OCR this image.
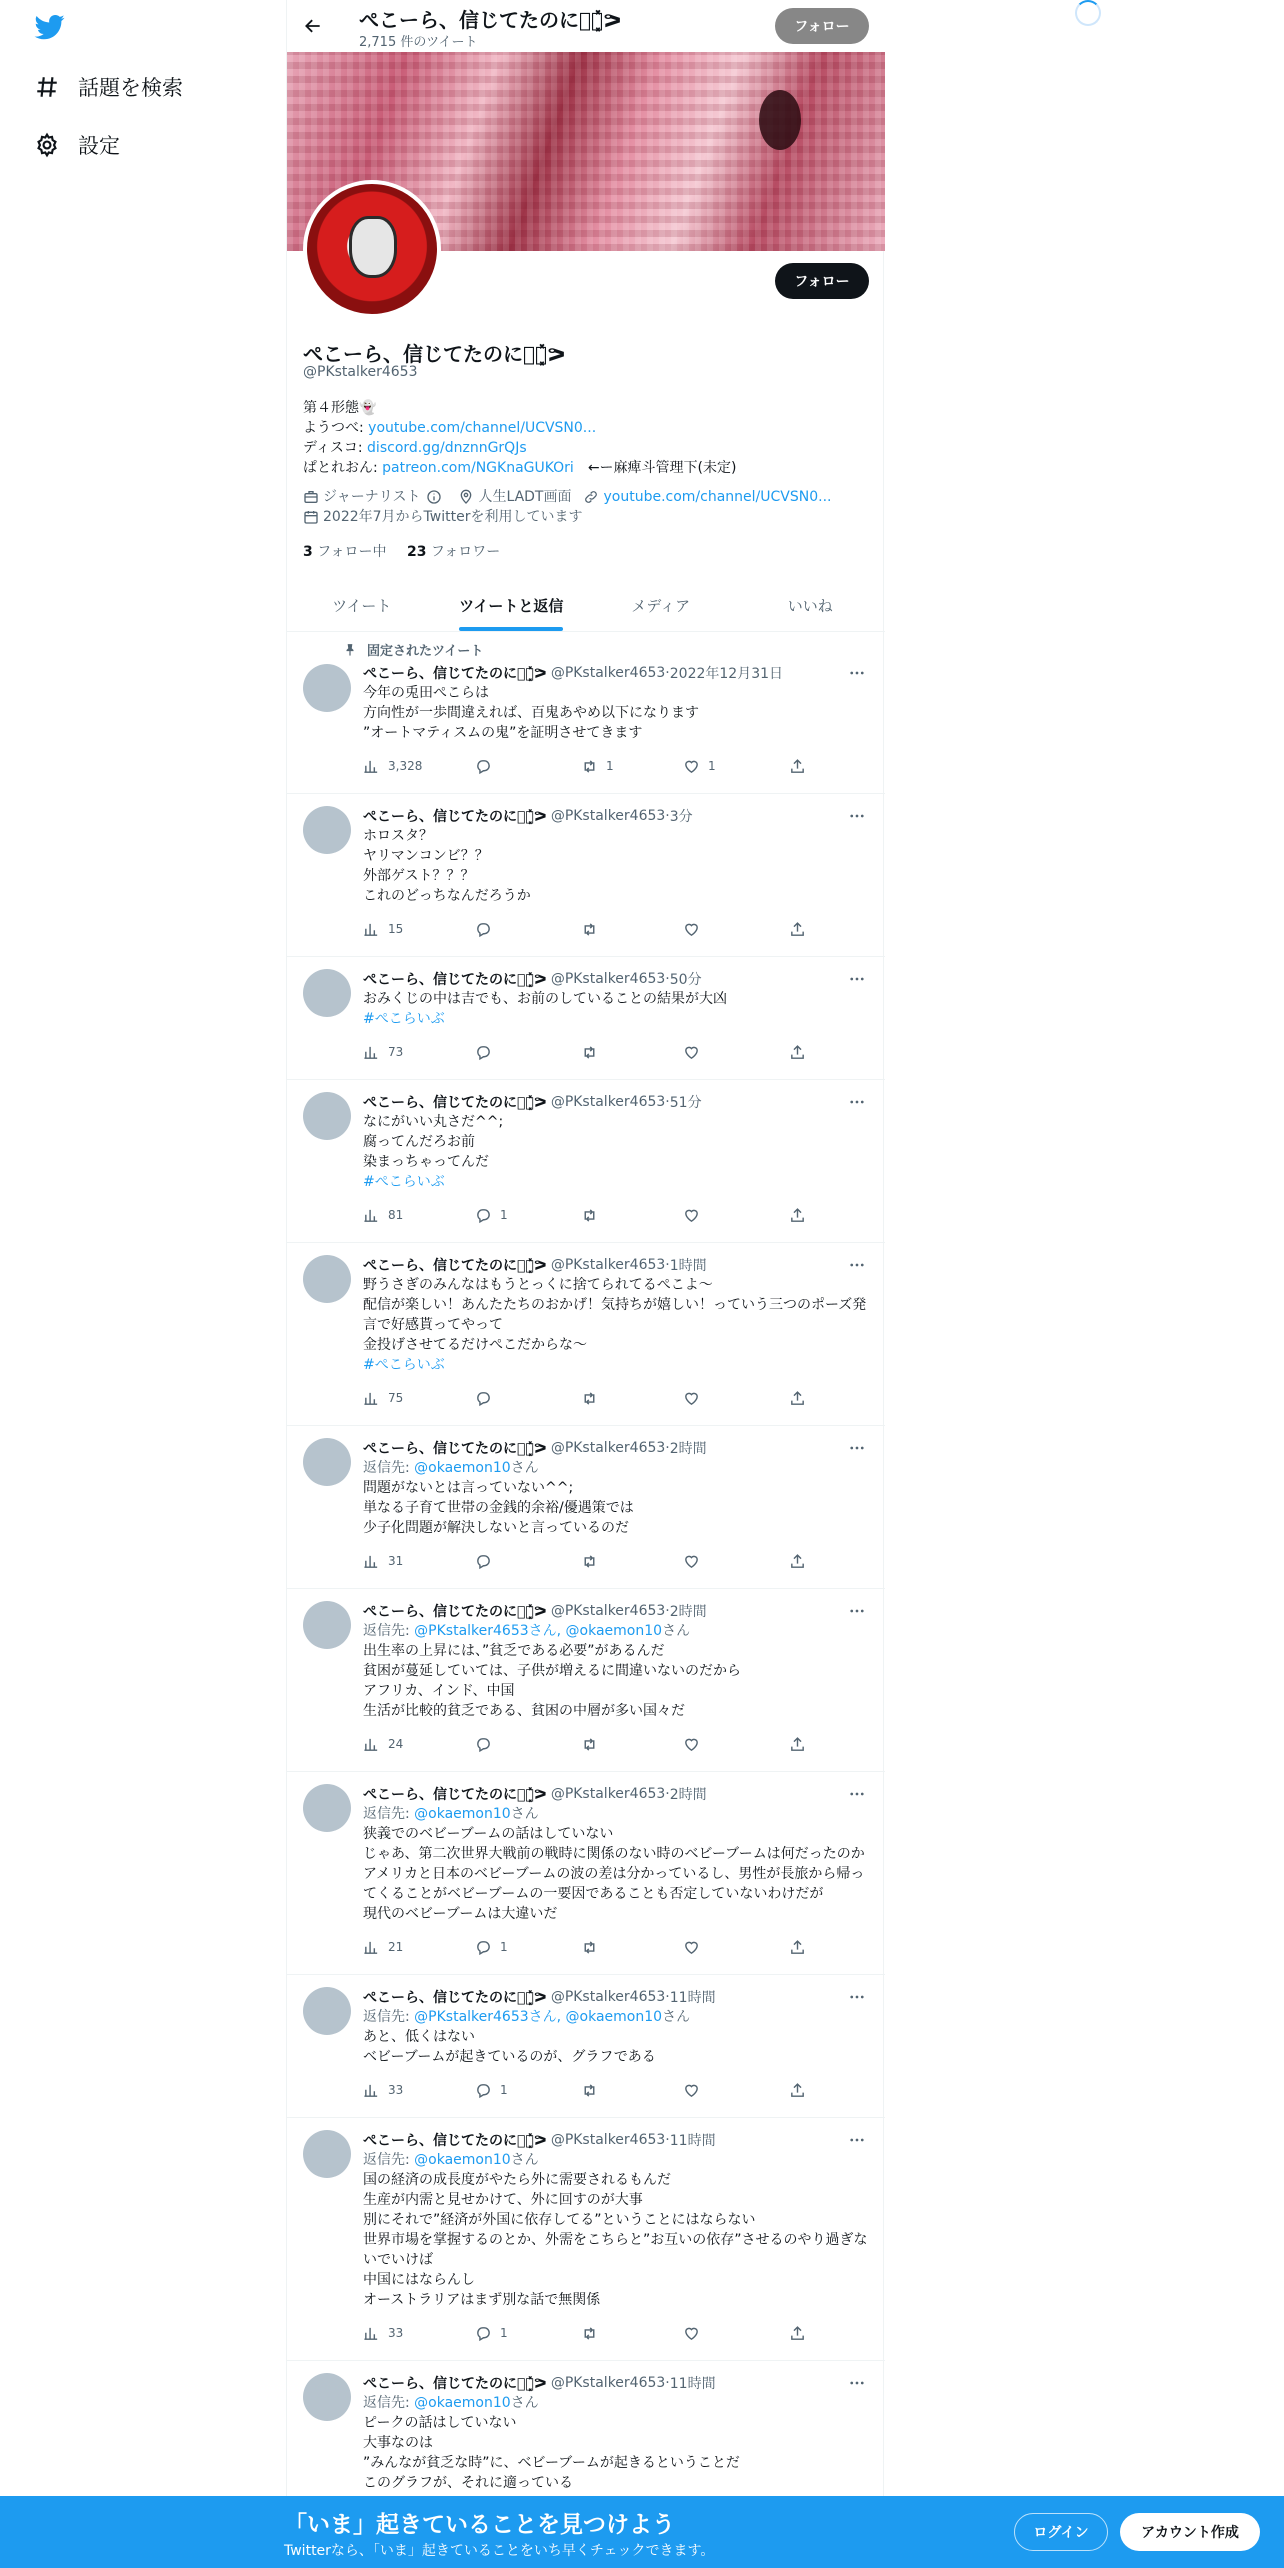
話題を検索
設定
ぺこーら、信じてたのにய்͓̽ᕗ
2,715 件のツイート
フォロー
フォロー
ぺこーら、信じてたのにய்͓̽ᕗ
@PKstalker4653
第４形態👻
ようつべ: youtube.com/channel/UCVSN0...
ディスコ: discord.gg/dnznnGrQJs
ぱとれおん: patreon.com/NGKnaGUKOri　←ー麻痺斗管理下(未定)
ジャーナリスト	人生LADT画面 youtube.com/channel/UCVSN0...
2022年7月からTwitterを利用しています
3 フォロー中 23 フォロワー
ツイート	ツイートと返信	メディア	いいね
固定されたツイート
ぺこーら、信じてたのにய்͓̽ᕗ @PKstalker4653 · 2022年12月31日
今年の兎田ぺこらは
方向性が一歩間違えれば、百鬼あやめ以下になります
”オートマティスムの鬼”を証明させてきます
3,328	1	1
ぺこーら、信じてたのにய்͓̽ᕗ @PKstalker4653 · 3分
ホロスタ？
ヤリマンコンビ？？
外部ゲスト？？？
これのどっちなんだろうか
15
ぺこーら、信じてたのにய்͓̽ᕗ @PKstalker4653 · 50分
おみくじの中は吉でも、お前のしていることの結果が大凶
#ぺこらいぶ
73
ぺこーら、信じてたのにய்͓̽ᕗ @PKstalker4653 · 51分
なにがいい丸さだ^^;
腐ってんだろお前
染まっちゃってんだ
#ぺこらいぶ
81	1
ぺこーら、信じてたのにய்͓̽ᕗ @PKstalker4653 · 1時間
野うさぎのみんなはもうとっくに捨てられてるぺこよ〜
配信が楽しい！あんたたちのおかげ！気持ちが嬉しい！っていう三つのポーズ発言で好感貰ってやって
金投げさせてるだけぺこだからな〜
#ぺこらいぶ
75
ぺこーら、信じてたのにய்͓̽ᕗ @PKstalker4653 · 2時間
返信先: @okaemon10さん
問題がないとは言っていない^^;
単なる子育て世帯の金銭的余裕/優遇策では
少子化問題が解決しないと言っているのだ
31
ぺこーら、信じてたのにய்͓̽ᕗ @PKstalker4653 · 2時間
返信先: @PKstalker4653さん, @okaemon10さん
出生率の上昇には、”貧乏である必要”があるんだ
貧困が蔓延していては、子供が増えるに間違いないのだから
アフリカ、インド、中国
生活が比較的貧乏である、貧困の中層が多い国々だ
24
ぺこーら、信じてたのにய்͓̽ᕗ @PKstalker4653 · 2時間
返信先: @okaemon10さん
狭義でのベビーブームの話はしていない
じゃあ、第二次世界大戦前の戦時に関係のない時のベビーブームは何だったのか
アメリカと日本のベビーブームの波の差は分かっているし、男性が長旅から帰ってくることがベビーブームの一要因であることも否定していないわけだが
現代のベビーブームは大違いだ
21	1
ぺこーら、信じてたのにய்͓̽ᕗ @PKstalker4653 · 11時間
返信先: @PKstalker4653さん, @okaemon10さん
あと、低くはない
ベビーブームが起きているのが、グラフである
33	1
ぺこーら、信じてたのにய்͓̽ᕗ @PKstalker4653 · 11時間
返信先: @okaemon10さん
国の経済の成長度がやたら外に需要されるもんだ
生産が内需と見せかけて、外に回すのが大事
別にそれで”経済が外国に依存してる”ということにはならない
世界市場を掌握するのとか、外需をこちらと”お互いの依存”させるのやり過ぎないでいけば
中国にはならんし
オーストラリアはまず別な話で無関係
33	1
ぺこーら、信じてたのにய்͓̽ᕗ @PKstalker4653 · 11時間
返信先: @okaemon10さん
ピークの話はしていない
大事なのは
”みんなが貧乏な時”に、ベビーブームが起きるということだ
このグラフが、それに適っている
「いま」起きていることを見つけよう
Twitterなら、「いま」起きていることをいち早くチェックできます。
ログイン	アカウント作成
